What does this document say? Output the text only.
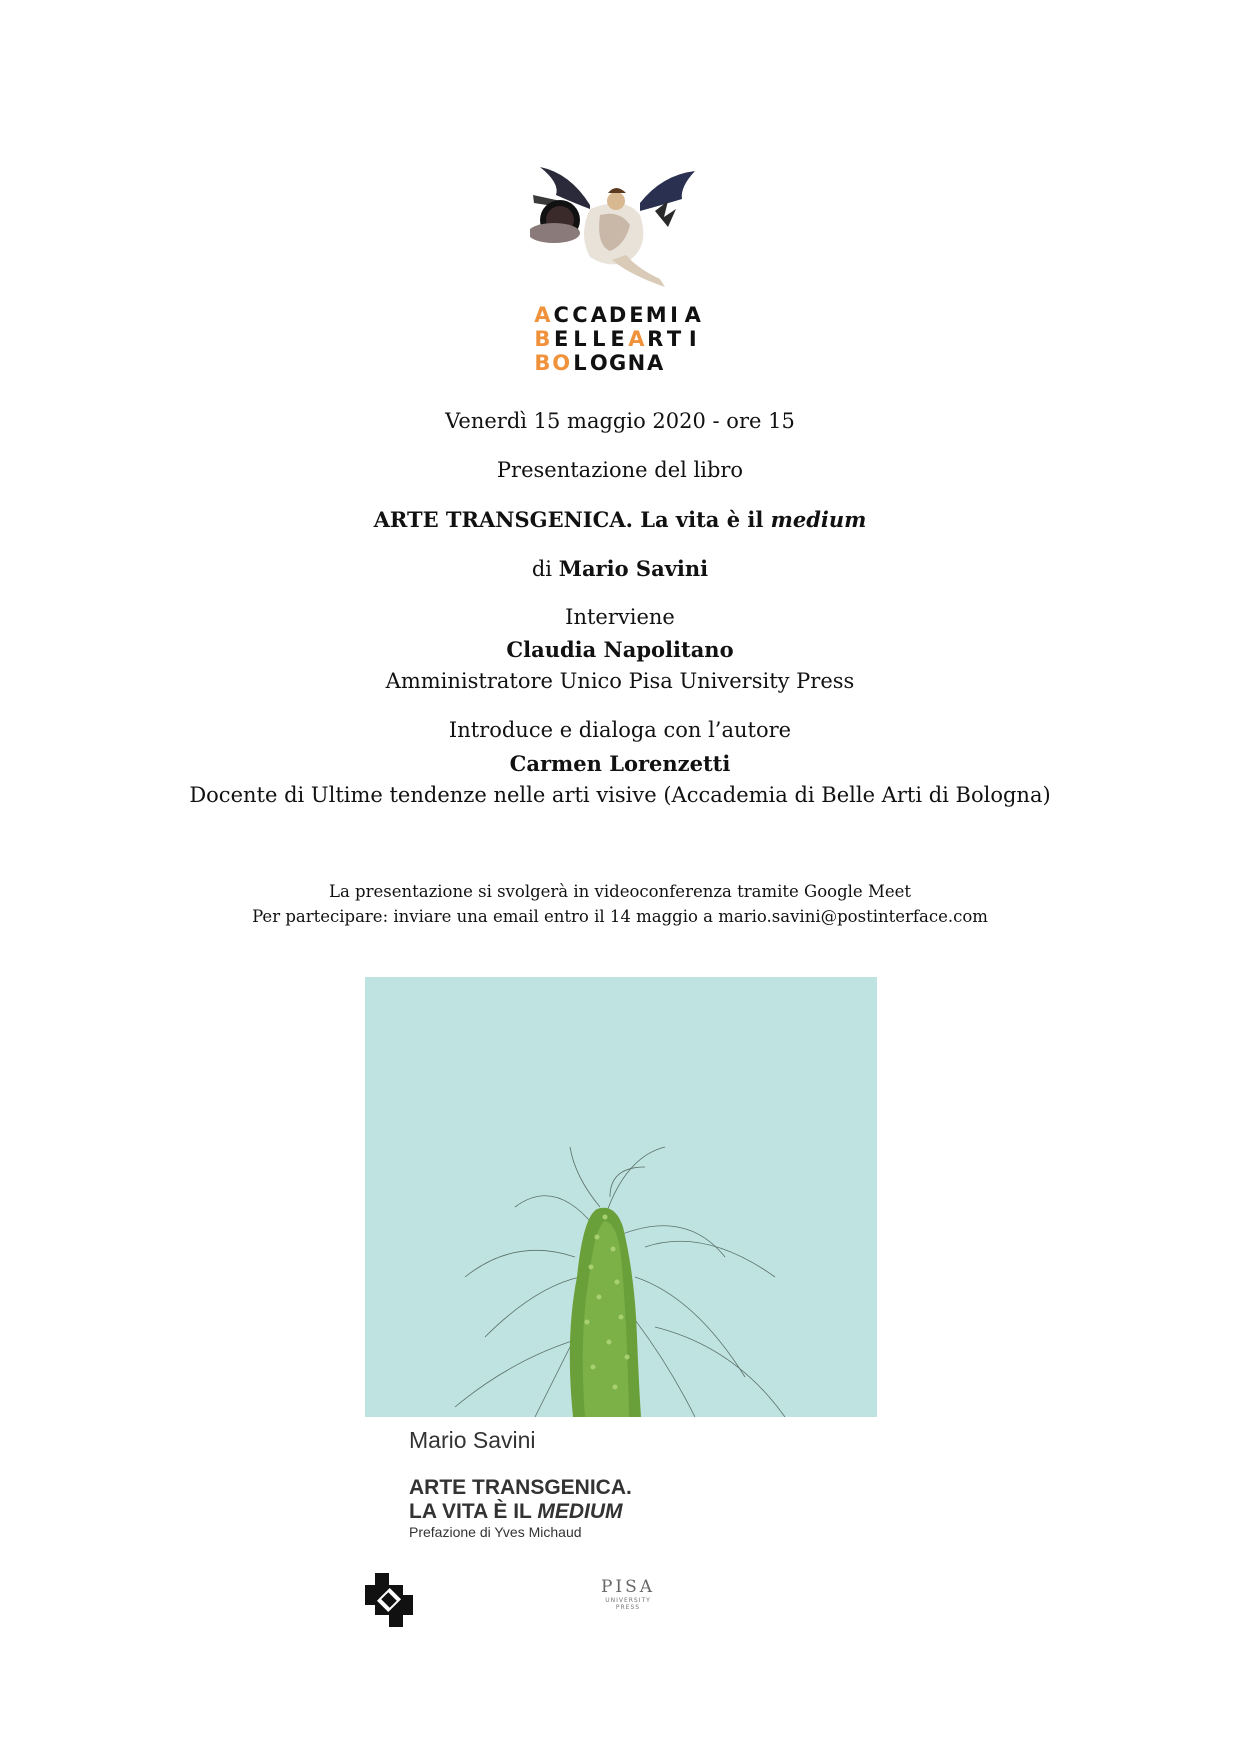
A C C A D E M I A
B E L L E A R T I
B O L O G N A
Venerdì 15 maggio 2020 - ore 15
Presentazione del libro
ARTE TRANSGENICA. La vita è il medium
di Mario Savini
Interviene
Claudia Napolitano
Amministratore Unico Pisa University Press
Introduce e dialoga con l’autore
Carmen Lorenzetti
Docente di Ultime tendenze nelle arti visive (Accademia di Belle Arti di Bologna)
La presentazione si svolgerà in videoconferenza tramite Google Meet
Per partecipare: inviare una email entro il 14 maggio a mario.savini@postinterface.com
Mario Savini
ARTE TRANSGENICA.
LA VITA È IL MEDIUM
Prefazione di Yves Michaud
PISA
UNIVERSITY
PRESS
